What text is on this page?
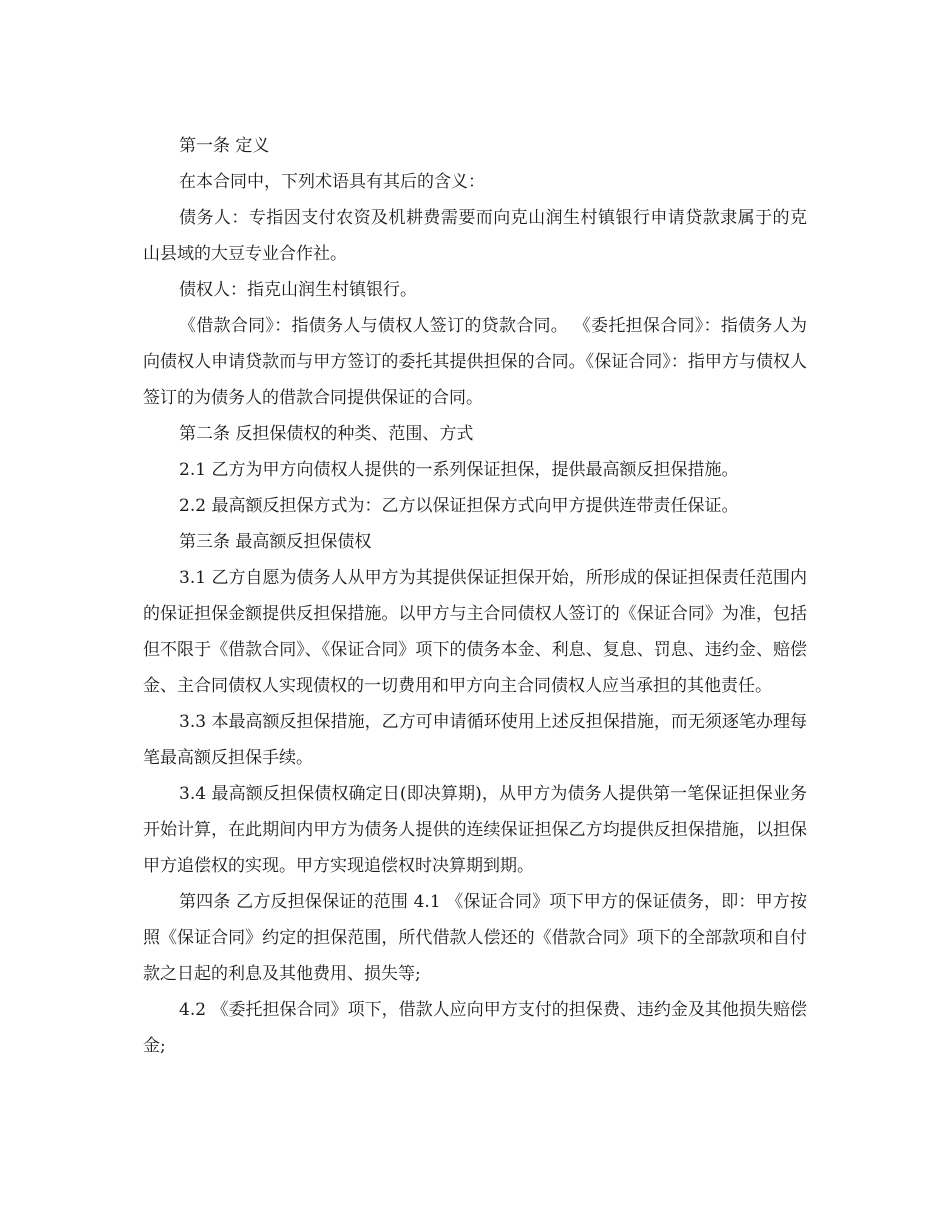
第一条 定义

在本合同中，下列术语具有其后的含义：

债务人：专指因支付农资及机耕费需要而向克山润生村镇银行申请贷款隶属于的克山县域的大豆专业合作社。

债权人：指克山润生村镇银行。

《借款合同》：指债务人与债权人签订的贷款合同。 《委托担保合同》：指债务人为向债权人申请贷款而与甲方签订的委托其提供担保的合同。《保证合同》：指甲方与债权人签订的为债务人的借款合同提供保证的合同。

第二条 反担保债权的种类、范围、方式

2.1 乙方为甲方向债权人提供的一系列保证担保，提供最高额反担保措施。

2.2 最高额反担保方式为：乙方以保证担保方式向甲方提供连带责任保证。

第三条 最高额反担保债权

3.1 乙方自愿为债务人从甲方为其提供保证担保开始，所形成的保证担保责任范围内的保证担保金额提供反担保措施。以甲方与主合同债权人签订的《保证合同》为准，包括但不限于《借款合同》、《保证合同》项下的债务本金、利息、复息、罚息、违约金、赔偿金、主合同债权人实现债权的一切费用和甲方向主合同债权人应当承担的其他责任。

3.3 本最高额反担保措施，乙方可申请循环使用上述反担保措施，而无须逐笔办理每笔最高额反担保手续。

3.4 最高额反担保债权确定日(即决算期)，从甲方为债务人提供第一笔保证担保业务开始计算，在此期间内甲方为债务人提供的连续保证担保乙方均提供反担保措施，以担保甲方追偿权的实现。甲方实现追偿权时决算期到期。

第四条 乙方反担保保证的范围 4.1 《保证合同》项下甲方的保证债务，即：甲方按照《保证合同》约定的担保范围，所代借款人偿还的《借款合同》项下的全部款项和自付款之日起的利息及其他费用、损失等;

4.2 《委托担保合同》项下，借款人应向甲方支付的担保费、违约金及其他损失赔偿金;
